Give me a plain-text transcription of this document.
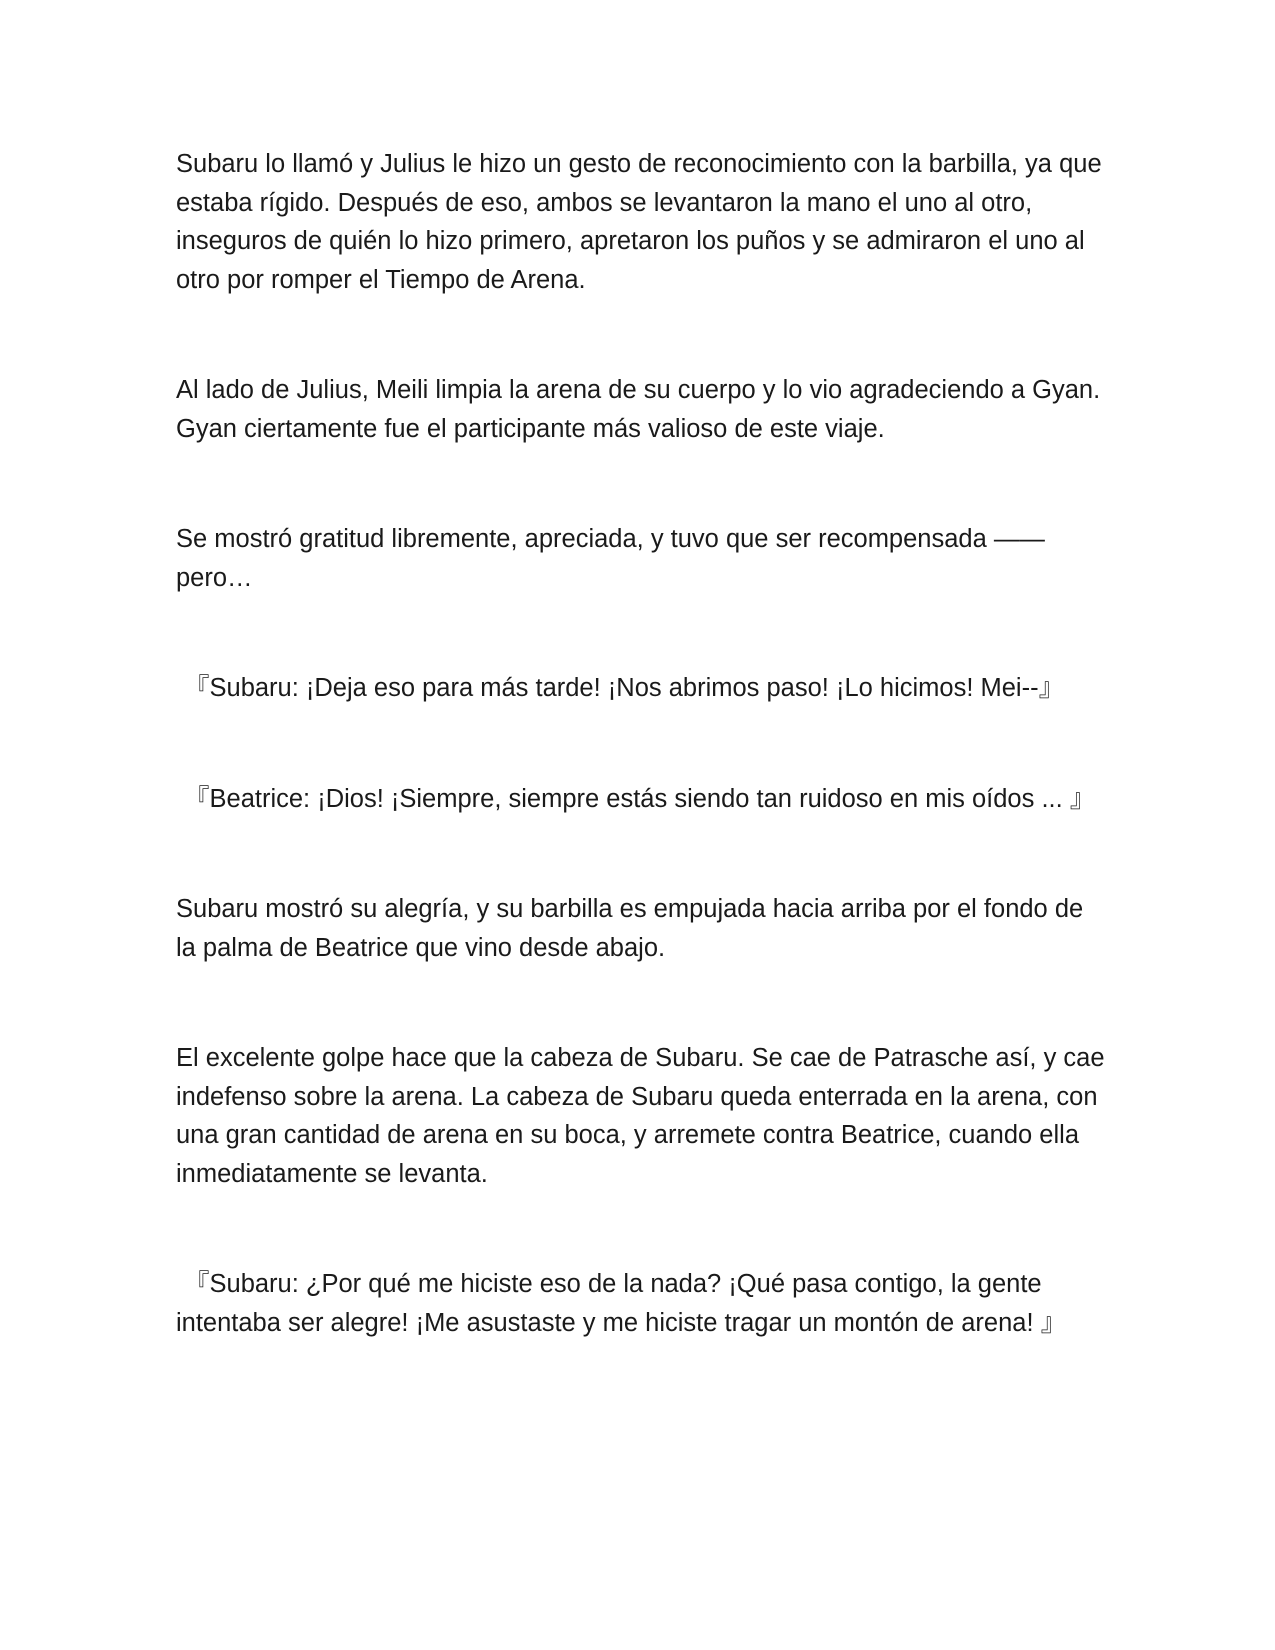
Subaru lo llamó y Julius le hizo un gesto de reconocimiento con la barbilla, ya que estaba rígido. Después de eso, ambos se levantaron la mano el uno al otro, inseguros de quién lo hizo primero, apretaron los puños y se admiraron el uno al otro por romper el Tiempo de Arena.

Al lado de Julius, Meili limpia la arena de su cuerpo y lo vio agradeciendo a Gyan. Gyan ciertamente fue el participante más valioso de este viaje.

Se mostró gratitud libremente, apreciada, y tuvo que ser recompensada —— pero…

『Subaru: ¡Deja eso para más tarde! ¡Nos abrimos paso! ¡Lo hicimos! Mei--』

『Beatrice: ¡Dios! ¡Siempre, siempre estás siendo tan ruidoso en mis oídos ... 』

Subaru mostró su alegría, y su barbilla es empujada hacia arriba por el fondo de la palma de Beatrice que vino desde abajo.

El excelente golpe hace que la cabeza de Subaru. Se cae de Patrasche así, y cae indefenso sobre la arena. La cabeza de Subaru queda enterrada en la arena, con una gran cantidad de arena en su boca, y arremete contra Beatrice, cuando ella inmediatamente se levanta.

『Subaru: ¿Por qué me hiciste eso de la nada? ¡Qué pasa contigo, la gente intentaba ser alegre! ¡Me asustaste y me hiciste tragar un montón de arena! 』
